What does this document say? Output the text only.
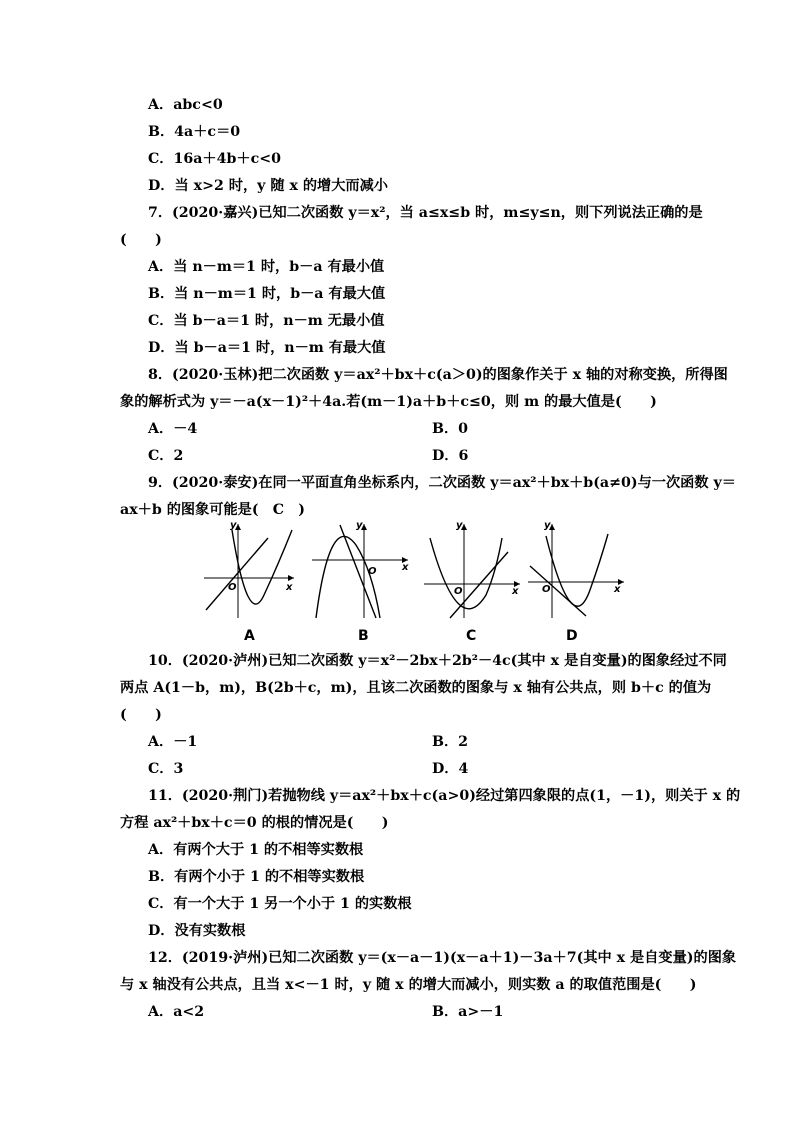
A．abc<0
B．4a＋c＝0
C．16a＋4b＋c<0
D．当 x>2 时，y 随 x 的增大而减小
7．(2020·嘉兴)已知二次函数 y＝x²，当 a≤x≤b 时，m≤y≤n，则下列说法正确的是
(　　)
A．当 n－m＝1 时，b－a 有最小值
B．当 n－m＝1 时，b－a 有最大值
C．当 b－a＝1 时，n－m 无最小值
D．当 b－a＝1 时，n－m 有最大值
8．(2020·玉林)把二次函数 y＝ax²＋bx＋c(a＞0)的图象作关于 x 轴的对称变换，所得图
象的解析式为 y＝－a(x－1)²＋4a.若(m－1)a＋b＋c≤0，则 m 的最大值是(　　)
A．－4	B．0
C．2	D．6
9．(2020·泰安)在同一平面直角坐标系内，二次函数 y＝ax²＋bx＋b(a≠0)与一次函数 y＝
ax＋b 的图象可能是(　C　)
y
x
O
y
x
O
y
x
O
y
x
O
A	B	C	D
10．(2020·泸州)已知二次函数 y＝x²－2bx＋2b²－4c(其中 x 是自变量)的图象经过不同
两点 A(1－b，m)，B(2b＋c，m)，且该二次函数的图象与 x 轴有公共点，则 b＋c 的值为
(　　)
A．－1	B．2
C．3	D．4
11．(2020·荆门)若抛物线 y＝ax²＋bx＋c(a>0)经过第四象限的点(1，－1)，则关于 x 的
方程 ax²＋bx＋c＝0 的根的情况是(　　)
A．有两个大于 1 的不相等实数根
B．有两个小于 1 的不相等实数根
C．有一个大于 1 另一个小于 1 的实数根
D．没有实数根
12．(2019·泸州)已知二次函数 y＝(x－a－1)(x－a＋1)－3a＋7(其中 x 是自变量)的图象
与 x 轴没有公共点，且当 x<－1 时，y 随 x 的增大而减小，则实数 a 的取值范围是(　　)
A．a<2	B．a>－1
